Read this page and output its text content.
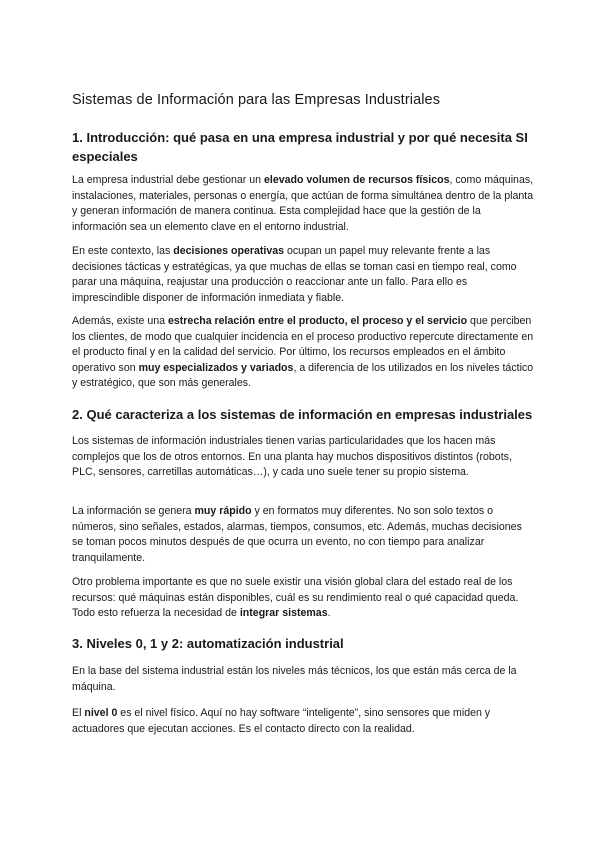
Sistemas de Información para las Empresas Industriales
1. Introducción: qué pasa en una empresa industrial y por qué necesita SI especiales

La empresa industrial debe gestionar un elevado volumen de recursos físicos, como máquinas, instalaciones, materiales, personas o energía, que actúan de forma simultánea dentro de la planta y generan información de manera continua. Esta complejidad hace que la gestión de la información sea un elemento clave en el entorno industrial.

En este contexto, las decisiones operativas ocupan un papel muy relevante frente a las decisiones tácticas y estratégicas, ya que muchas de ellas se toman casi en tiempo real, como parar una máquina, reajustar una producción o reaccionar ante un fallo. Para ello es imprescindible disponer de información inmediata y fiable.

Además, existe una estrecha relación entre el producto, el proceso y el servicio que perciben los clientes, de modo que cualquier incidencia en el proceso productivo repercute directamente en el producto final y en la calidad del servicio. Por último, los recursos empleados en el ámbito operativo son muy especializados y variados, a diferencia de los utilizados en los niveles táctico y estratégico, que son más generales.

2. Qué caracteriza a los sistemas de información en empresas industriales

Los sistemas de información industriales tienen varias particularidades que los hacen más complejos que los de otros entornos. En una planta hay muchos dispositivos distintos (robots, PLC, sensores, carretillas automáticas…), y cada uno suele tener su propio sistema.

La información se genera muy rápido y en formatos muy diferentes. No son solo textos o números, sino señales, estados, alarmas, tiempos, consumos, etc. Además, muchas decisiones se toman pocos minutos después de que ocurra un evento, no con tiempo para analizar tranquilamente.

Otro problema importante es que no suele existir una visión global clara del estado real de los recursos: qué máquinas están disponibles, cuál es su rendimiento real o qué capacidad queda. Todo esto refuerza la necesidad de integrar sistemas.

3. Niveles 0, 1 y 2: automatización industrial

En la base del sistema industrial están los niveles más técnicos, los que están más cerca de la máquina.

El nivel 0 es el nivel físico. Aquí no hay software “inteligente”, sino sensores que miden y actuadores que ejecutan acciones. Es el contacto directo con la realidad.
